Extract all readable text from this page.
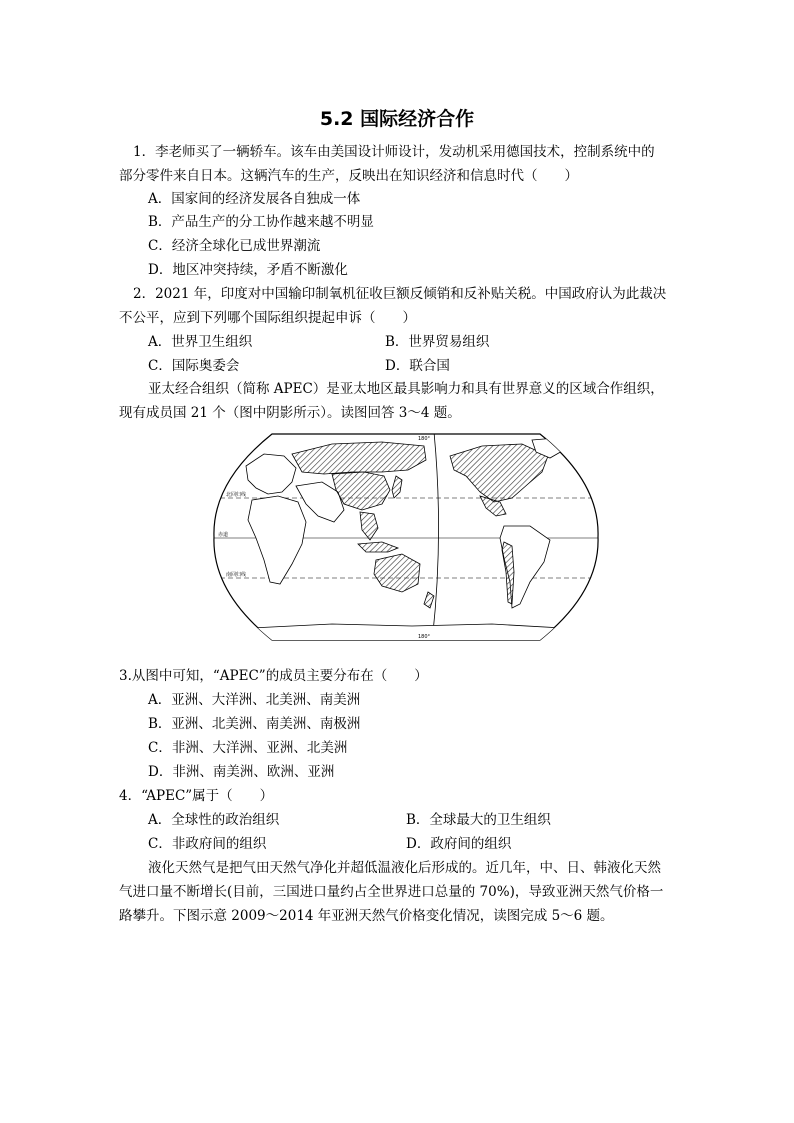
5.2 国际经济合作
1．李老师买了一辆轿车。该车由美国设计师设计，发动机采用德国技术，控制系统中的
部分零件来自日本。这辆汽车的生产，反映出在知识经济和信息时代（　　）
A．国家间的经济发展各自独成一体
B．产品生产的分工协作越来越不明显
C．经济全球化已成世界潮流
D．地区冲突持续，矛盾不断激化
2．2021 年，印度对中国输印制氧机征收巨额反倾销和反补贴关税。中国政府认为此裁决
不公平，应到下列哪个国际组织提起申诉（　　）
A．世界卫生组织	B．世界贸易组织
C．国际奥委会	D．联合国
亚太经合组织（简称 APEC）是亚太地区最具影响力和具有世界意义的区域合作组织，
现有成员国 21 个（图中阴影所示）。读图回答 3～4 题。
北回归线
赤道
南回归线
180°
180°
3.从图中可知，“APEC”的成员主要分布在（　　）
A．亚洲、大洋洲、北美洲、南美洲
B．亚洲、北美洲、南美洲、南极洲
C．非洲、大洋洲、亚洲、北美洲
D．非洲、南美洲、欧洲、亚洲
4．“APEC”属于（　　）
A．全球性的政治组织	B．全球最大的卫生组织
C．非政府间的组织	D．政府间的组织
液化天然气是把气田天然气净化并超低温液化后形成的。近几年，中、日、韩液化天然
气进口量不断增长(目前，三国进口量约占全世界进口总量的 70%)，导致亚洲天然气价格一
路攀升。下图示意 2009～2014 年亚洲天然气价格变化情况，读图完成 5～6 题。
